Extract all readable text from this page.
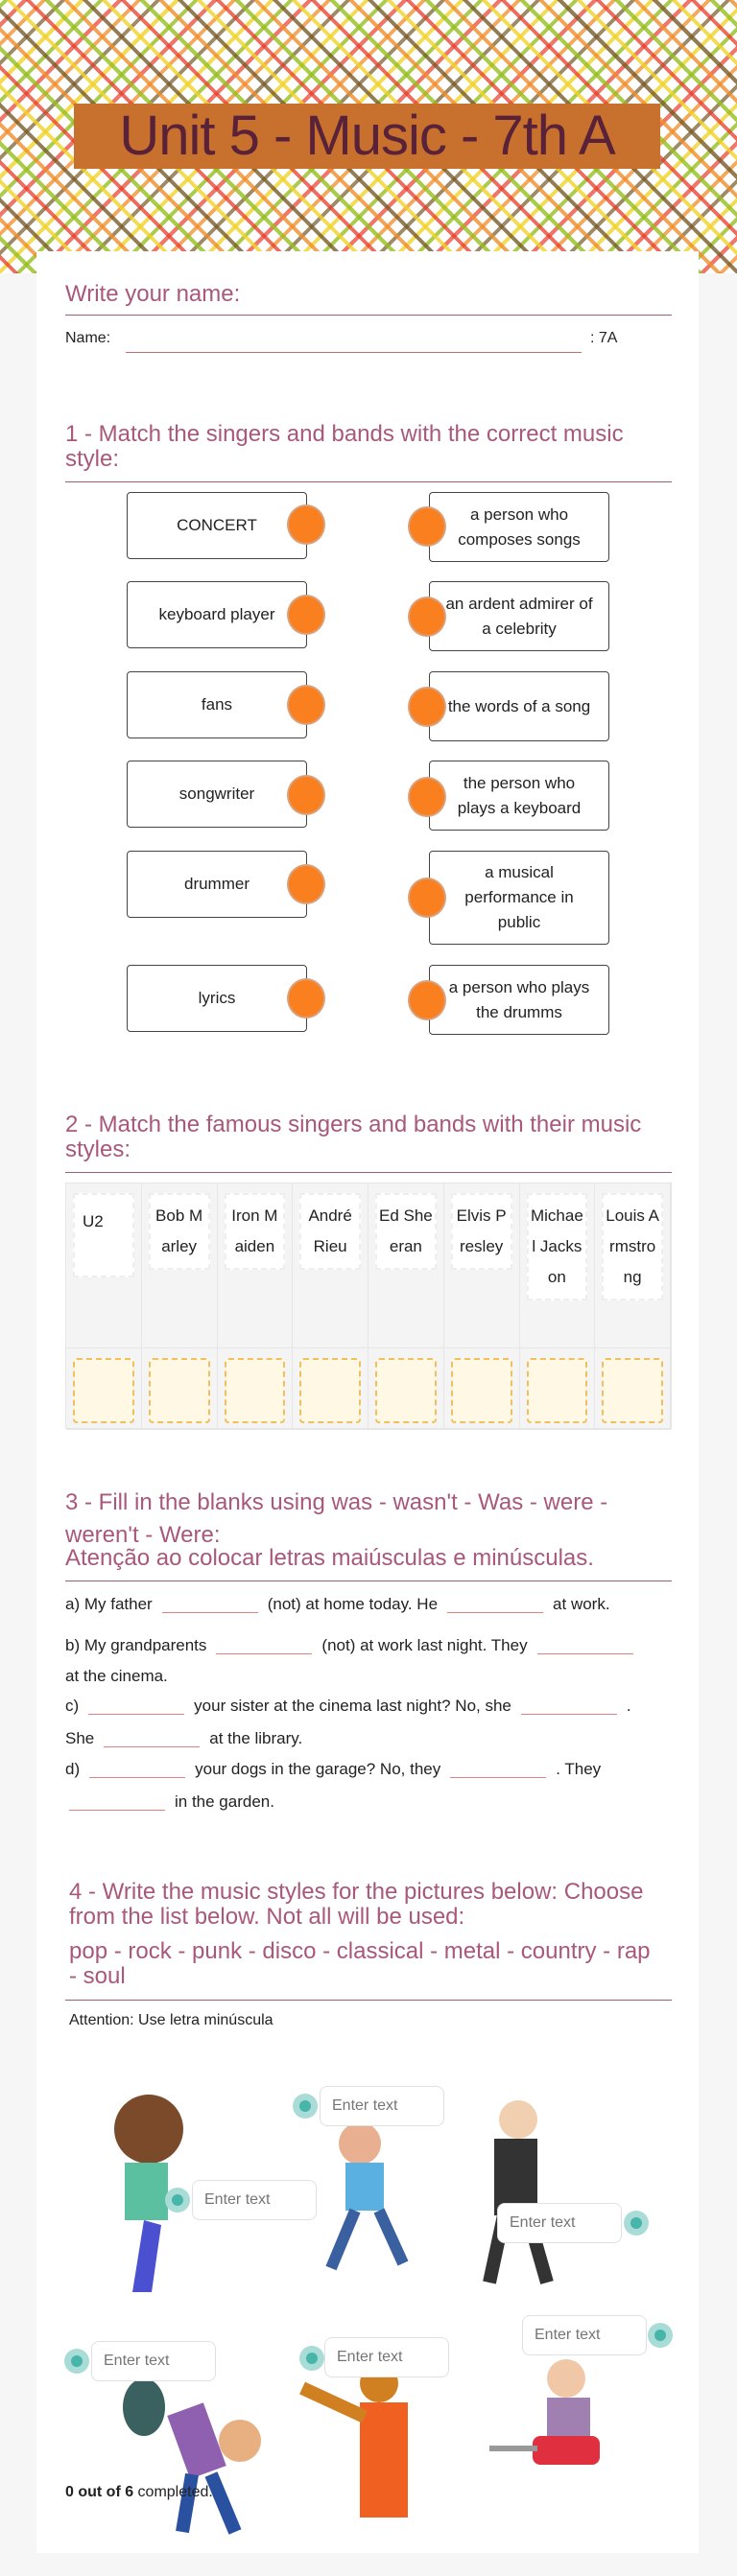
Unit 5 - Music - 7th A
Write your name:
Name:	: 7A
1 - Match the singers and bands with the correct music style:
CONCERT
keyboard player
fans
songwriter
drummer
lyrics
a person who composes songs
an ardent admirer of a celebrity
the words of a song
the person who plays a keyboard
a musical performance in public
a person who plays the drumms
2 - Match the famous singers and bands with their music styles:
U2	Bob Marley
Iron Maiden
André Rieu
Ed Sheeran
Elvis Presley
Michael Jackson
Louis Armstrong
3 - Fill in the blanks using was - wasn't - Was - were - weren't - Were:
Atenção ao colocar letras maiúsculas e minúsculas.
a) My father	(not) at home today. He	at work.
b) My grandparents	(not) at work last night. They
at the cinema.
c)	your sister at the cinema last night? No, she	.
She	at the library.
d)	your dogs in the garage? No, they	. They
in the garden.
4 - Write the music styles for the pictures below: Choose from the list below. Not all will be used:
pop - rock - punk - disco - classical - metal - country - rap - soul
Attention: Use letra minúscula
Enter text
Enter text
Enter text
Enter text
Enter text
Enter text
0 out of 6 completed.
